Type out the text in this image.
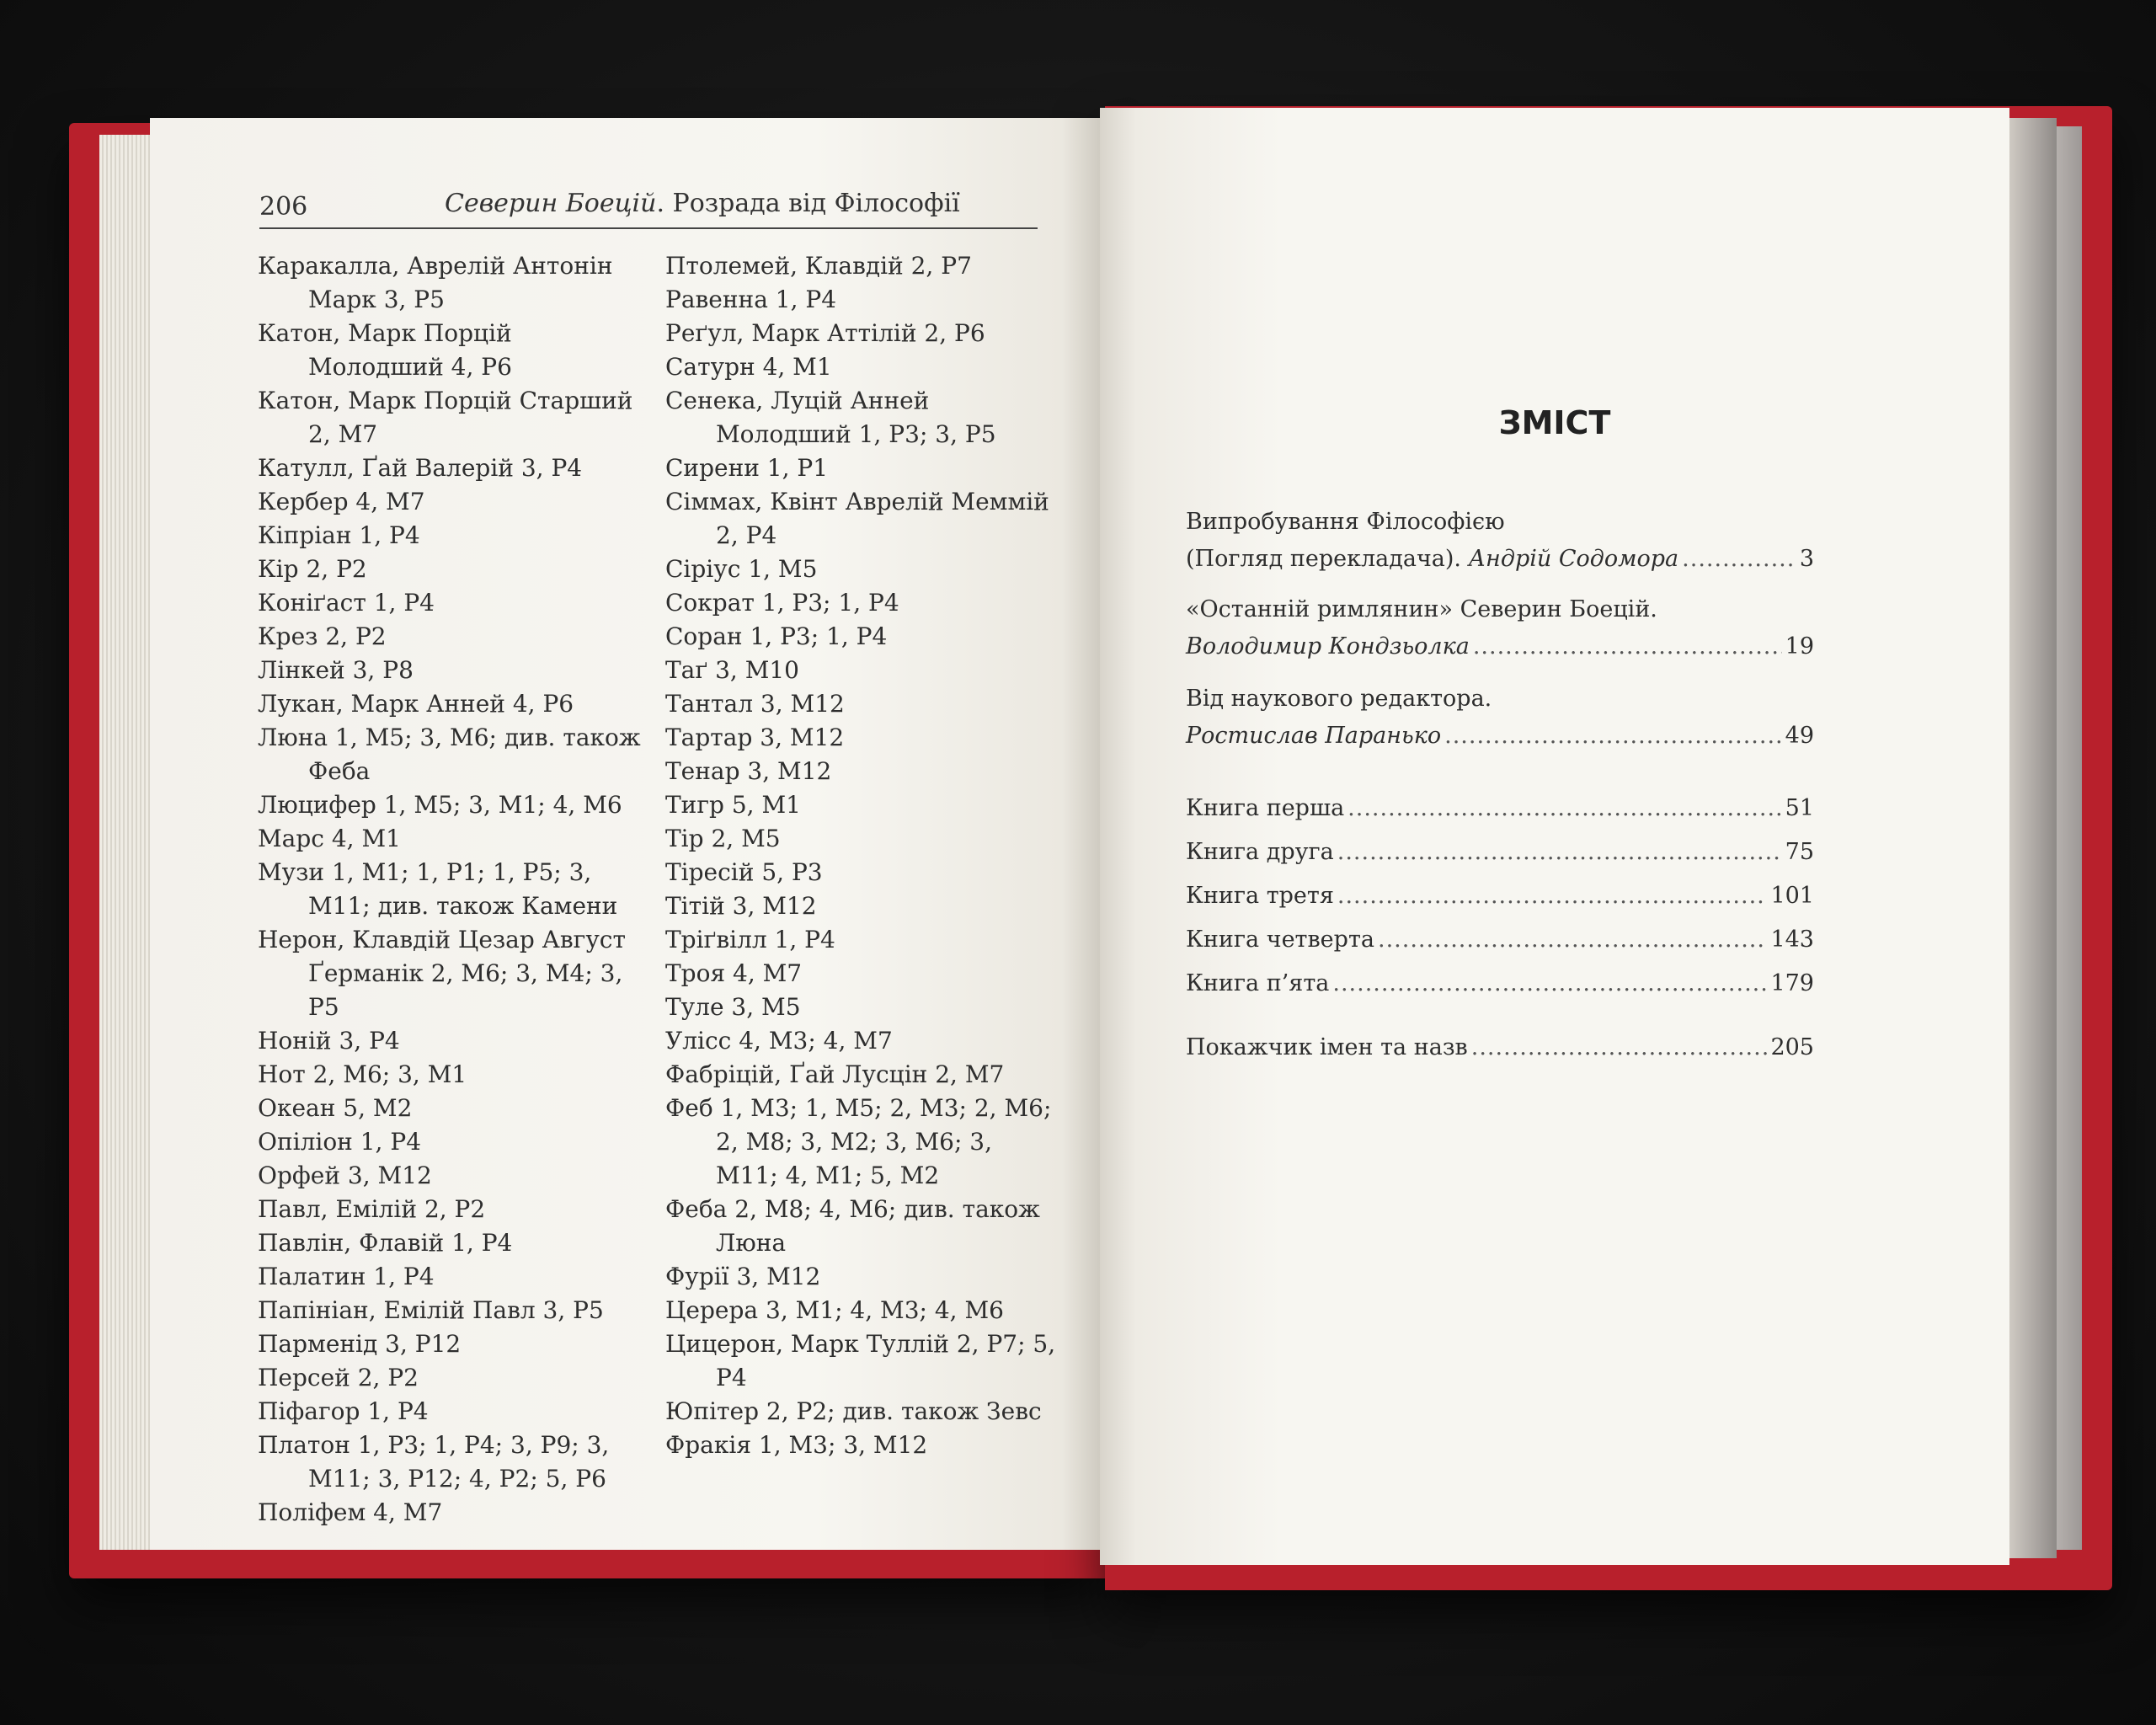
206	Северин Боецій. Розрада від Філософії

Каракалла, Аврелій Антонін Марк 3, Р5

Катон, Марк Порцій Молодший 4, Р6

Катон, Марк Порцій Старший 2, М7

Катулл, Ґай Валерій 3, Р4

Кербер 4, М7

Кіпріан 1, Р4

Кір 2, Р2

Коніґаст 1, Р4

Крез 2, Р2

Лінкей 3, Р8

Лукан, Марк Анней 4, Р6

Люна 1, М5; 3, М6; див. також Феба

Люцифер 1, М5; 3, М1; 4, М6

Марс 4, М1

Музи 1, М1; 1, Р1; 1, Р5; 3, М11; див. також Камени

Нерон, Клавдій Цезар Август Ґерманік 2, М6; 3, М4; 3, Р5

Ноній 3, Р4

Нот 2, М6; 3, М1

Океан 5, М2

Опіліон 1, Р4

Орфей 3, М12

Павл, Емілій 2, Р2

Павлін, Флавій 1, Р4

Палатин 1, Р4

Папініан, Емілій Павл 3, Р5

Парменід 3, Р12

Персей 2, Р2

Піфагор 1, Р4

Платон 1, Р3; 1, Р4; 3, Р9; 3, М11; 3, Р12; 4, Р2; 5, Р6

Поліфем 4, М7

Птолемей, Клавдій 2, Р7

Равенна 1, Р4

Реґул, Марк Аттілій 2, Р6

Сатурн 4, М1

Сенека, Луцій Анней Молодший 1, Р3; 3, Р5

Сирени 1, Р1

Сіммах, Квінт Аврелій Меммій 2, Р4

Сіріус 1, М5

Сократ 1, Р3; 1, Р4

Соран 1, Р3; 1, Р4

Таґ 3, М10

Тантал 3, М12

Тартар 3, М12

Тенар 3, М12

Тигр 5, М1

Тір 2, М5

Тіресій 5, Р3

Тітій 3, М12

Тріґвілл 1, Р4

Троя 4, М7

Туле 3, М5

Улісс 4, М3; 4, М7

Фабріцій, Ґай Лусцін 2, М7

Феб 1, М3; 1, М5; 2, М3; 2, М6; 2, М8; 3, М2; 3, М6; 3, М11; 4, М1; 5, М2

Феба 2, М8; 4, М6; див. також Люна

Фурії 3, М12

Церера 3, М1; 4, М3; 4, М6

Цицерон, Марк Туллій 2, Р7; 5, Р4

Юпітер 2, Р2; див. також Зевс

Фракія 1, М3; 3, М12

ЗМІСТ
Випробування Філософією
(Погляд перекладача). Андрій Содомора .....	3
«Останній римлянин» Северин Боецій.
Володимир Кондзьолка .....	19
Від наукового редактора.
Ростислав Паранько .....	49
Книга перша .....	51
Книга друга .....	75
Книга третя .....	101
Книга четверта .....	143
Книга п’ята .....	179
Покажчик імен та назв .....	205
